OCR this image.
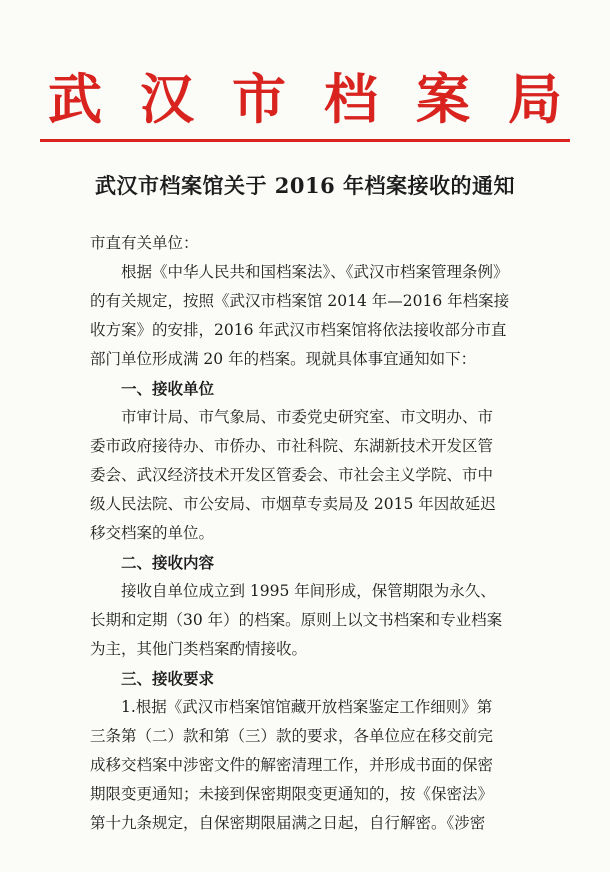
武 汉 市 档 案 局
武汉市档案馆关于 2016 年档案接收的通知
市直有关单位：
根据《中华人民共和国档案法》、《武汉市档案管理条例》
的有关规定，按照《武汉市档案馆 2014 年—2016 年档案接
收方案》的安排，2016 年武汉市档案馆将依法接收部分市直
部门单位形成满 20 年的档案。现就具体事宜通知如下：
一、接收单位
市审计局、市气象局、市委党史研究室、市文明办、市
委市政府接待办、市侨办、市社科院、东湖新技术开发区管
委会、武汉经济技术开发区管委会、市社会主义学院、市中
级人民法院、市公安局、市烟草专卖局及 2015 年因故延迟
移交档案的单位。
二、接收内容
接收自单位成立到 1995 年间形成，保管期限为永久、
长期和定期（30 年）的档案。原则上以文书档案和专业档案
为主，其他门类档案酌情接收。
三、接收要求
1.根据《武汉市档案馆馆藏开放档案鉴定工作细则》第
三条第（二）款和第（三）款的要求，各单位应在移交前完
成移交档案中涉密文件的解密清理工作，并形成书面的保密
期限变更通知；未接到保密期限变更通知的，按《保密法》
第十九条规定，自保密期限届满之日起，自行解密。《涉密
